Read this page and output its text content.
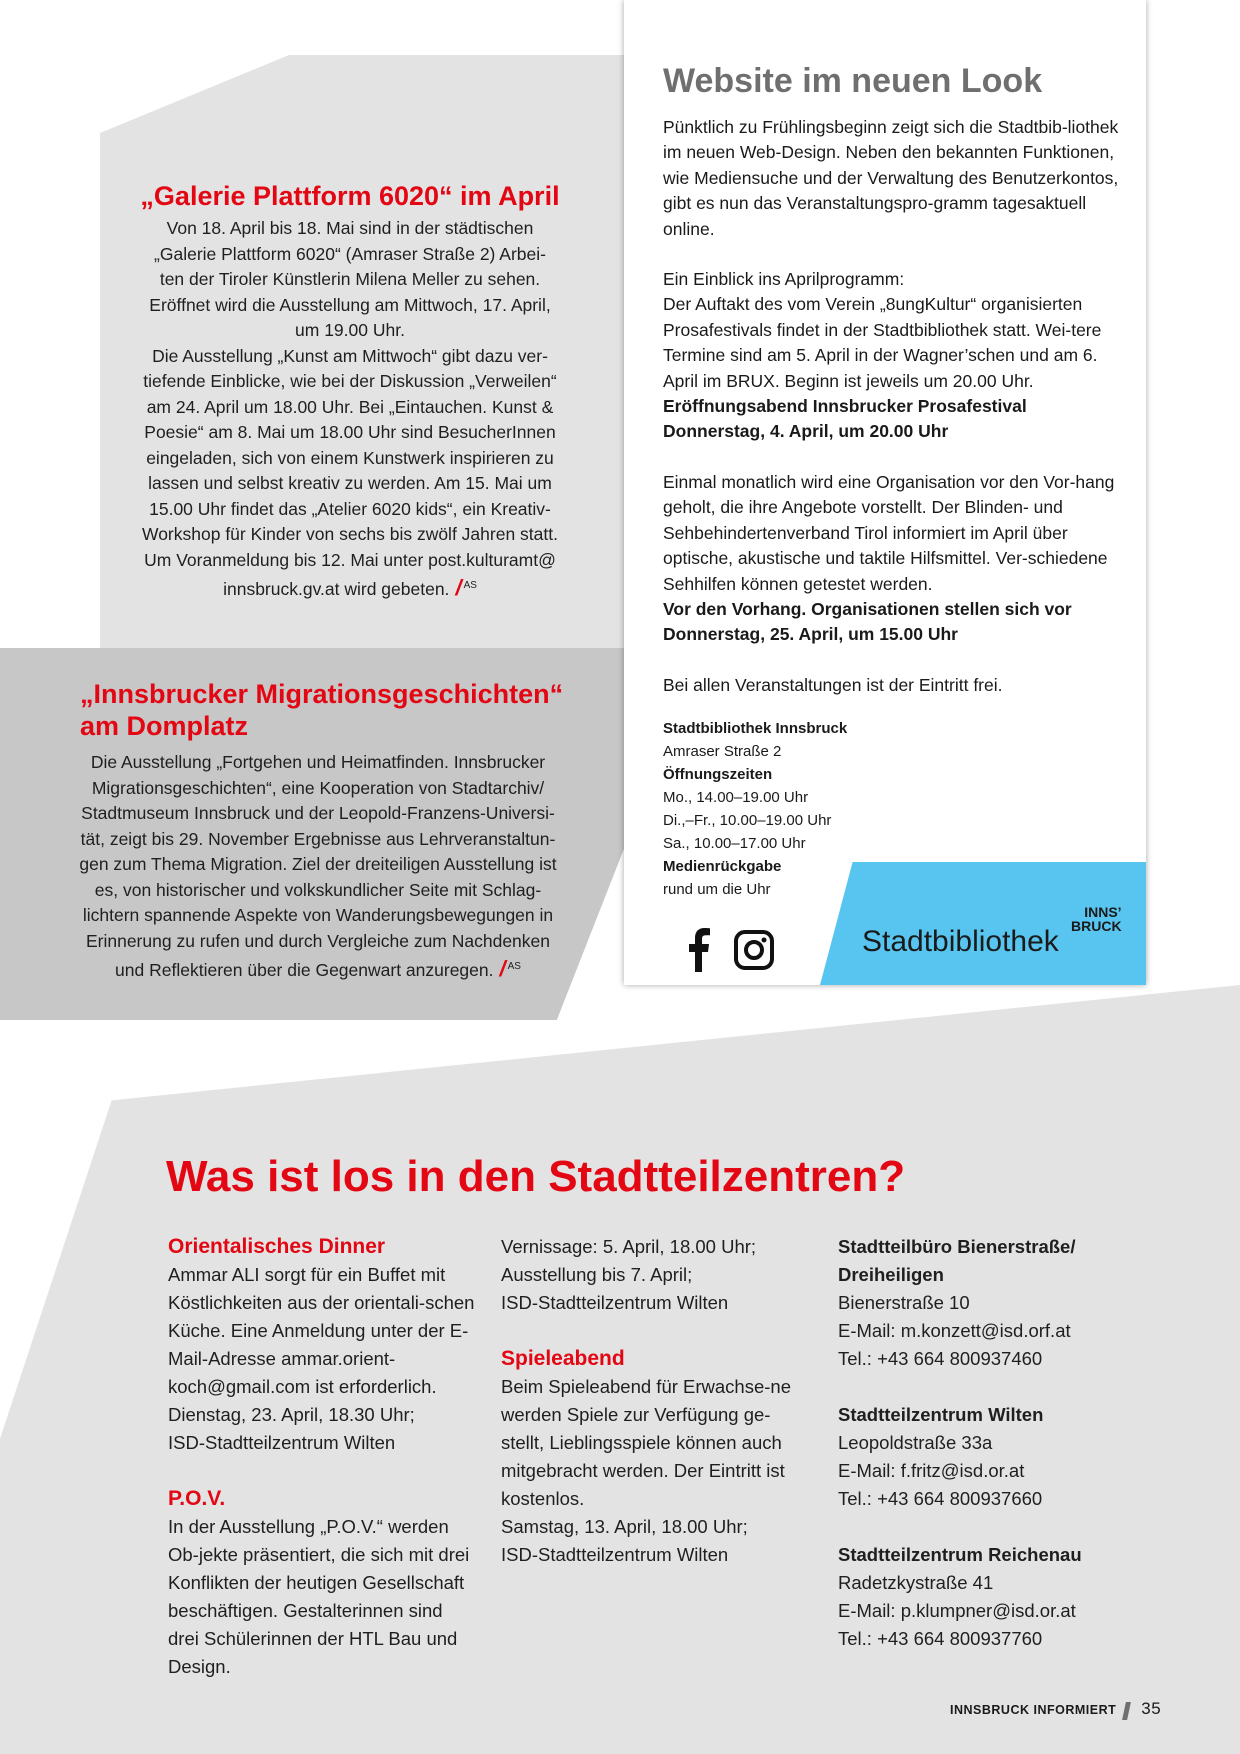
„Galerie Plattform 6020“ im April
Von 18. April bis 18. Mai sind in der städtischen
„Galerie Plattform 6020“ (Amraser Straße 2) Arbei-
ten der Tiroler Künstlerin Milena Meller zu sehen.
Eröffnet wird die Ausstellung am Mittwoch, 17. April,
um 19.00 Uhr.
Die Ausstellung „Kunst am Mittwoch“ gibt dazu ver-
tiefende Einblicke, wie bei der Diskussion „Verweilen“
am 24. April um 18.00 Uhr. Bei „Eintauchen. Kunst &
Poesie“ am 8. Mai um 18.00 Uhr sind BesucherInnen
eingeladen, sich von einem Kunstwerk inspirieren zu
lassen und selbst kreativ zu werden. Am 15. Mai um
15.00 Uhr findet das „Atelier 6020 kids“, ein Kreativ-
Workshop für Kinder von sechs bis zwölf Jahren statt.
Um Voranmeldung bis 12. Mai unter post.kulturamt@
innsbruck.gv.at wird gebeten. / $^{AS}$
„Innsbrucker Migrationsgeschichten“
am Domplatz
Die Ausstellung „Fortgehen und Heimatfinden. Innsbrucker
Migrationsgeschichten“, eine Kooperation von Stadtarchiv/
Stadtmuseum Innsbruck und der Leopold-Franzens-Universi-
tät, zeigt bis 29. November Ergebnisse aus Lehrveranstaltun-
gen zum Thema Migration. Ziel der dreiteiligen Ausstellung ist
es, von historischer und volkskundlicher Seite mit Schlag-
lichtern spannende Aspekte von Wanderungsbewegungen in
Erinnerung zu rufen und durch Vergleiche zum Nachdenken
und Reflektieren über die Gegenwart anzuregen. / $^{AS}$
Website im neuen Look

Pünktlich zu Frühlingsbeginn zeigt sich die Stadtbib-liothek im neuen Web-Design. Neben den bekannten Funktionen, wie Mediensuche und der Verwaltung des Benutzerkontos, gibt es nun das Veranstaltungspro-gramm tagesaktuell online.

Ein Einblick ins Aprilprogramm:
Der Auftakt des vom Verein „8ungKultur“ organisierten Prosafestivals findet in der Stadtbibliothek statt. Wei-tere Termine sind am 5. April in der Wagner’schen und am 6. April im BRUX. Beginn ist jeweils um 20.00 Uhr.
Eröffnungsabend Innsbrucker Prosafestival
Donnerstag, 4. April, um 20.00 Uhr

Einmal monatlich wird eine Organisation vor den Vor-hang geholt, die ihre Angebote vorstellt. Der Blinden- und Sehbehindertenverband Tirol informiert im April über optische, akustische und taktile Hilfsmittel. Ver-schiedene Sehhilfen können getestet werden.
Vor den Vorhang. Organisationen stellen sich vor
Donnerstag, 25. April, um 15.00 Uhr

Bei allen Veranstaltungen ist der Eintritt frei.

Stadtbibliothek Innsbruck
Amraser Straße 2
Öffnungszeiten
Mo., 14.00–19.00 Uhr
Di.,–Fr., 10.00–19.00 Uhr
Sa., 10.00–17.00 Uhr
Medienrückgabe
rund um die Uhr
Stadtbibliothek
INNS’
BRUCK
Was ist los in den Stadtteilzentren?
Orientalisches Dinner
Ammar ALI sorgt für ein Buffet mit Köstlichkeiten aus der orientali-schen Küche. Eine Anmeldung unter der E-Mail-Adresse ammar.orient-koch@gmail.com ist erforderlich.
Dienstag, 23. April, 18.30 Uhr;
ISD-Stadtteilzentrum Wilten
P.O.V.
In der Ausstellung „P.O.V.“ werden Ob-jekte präsentiert, die sich mit drei Konflikten der heutigen Gesellschaft beschäftigen. Gestalterinnen sind drei Schülerinnen der HTL Bau und Design.
Vernissage: 5. April, 18.00 Uhr;
Ausstellung bis 7. April;
ISD-Stadtteilzentrum Wilten
Spieleabend
Beim Spieleabend für Erwachse-ne werden Spiele zur Verfügung ge-stellt, Lieblingsspiele können auch mitgebracht werden. Der Eintritt ist kostenlos.
Samstag, 13. April, 18.00 Uhr;
ISD-Stadtteilzentrum Wilten
Stadtteilbüro Bienerstraße/
Dreiheiligen
Bienerstraße 10
E-Mail: m.konzett@isd.orf.at
Tel.: +43 664 800937460
Stadtteilzentrum Wilten
Leopoldstraße 33a
E-Mail: f.fritz@isd.or.at
Tel.: +43 664 800937660
Stadtteilzentrum Reichenau
Radetzkystraße 41
E-Mail: p.klumpner@isd.or.at
Tel.: +43 664 800937760
INNSBRUCK INFORMIERT 35
